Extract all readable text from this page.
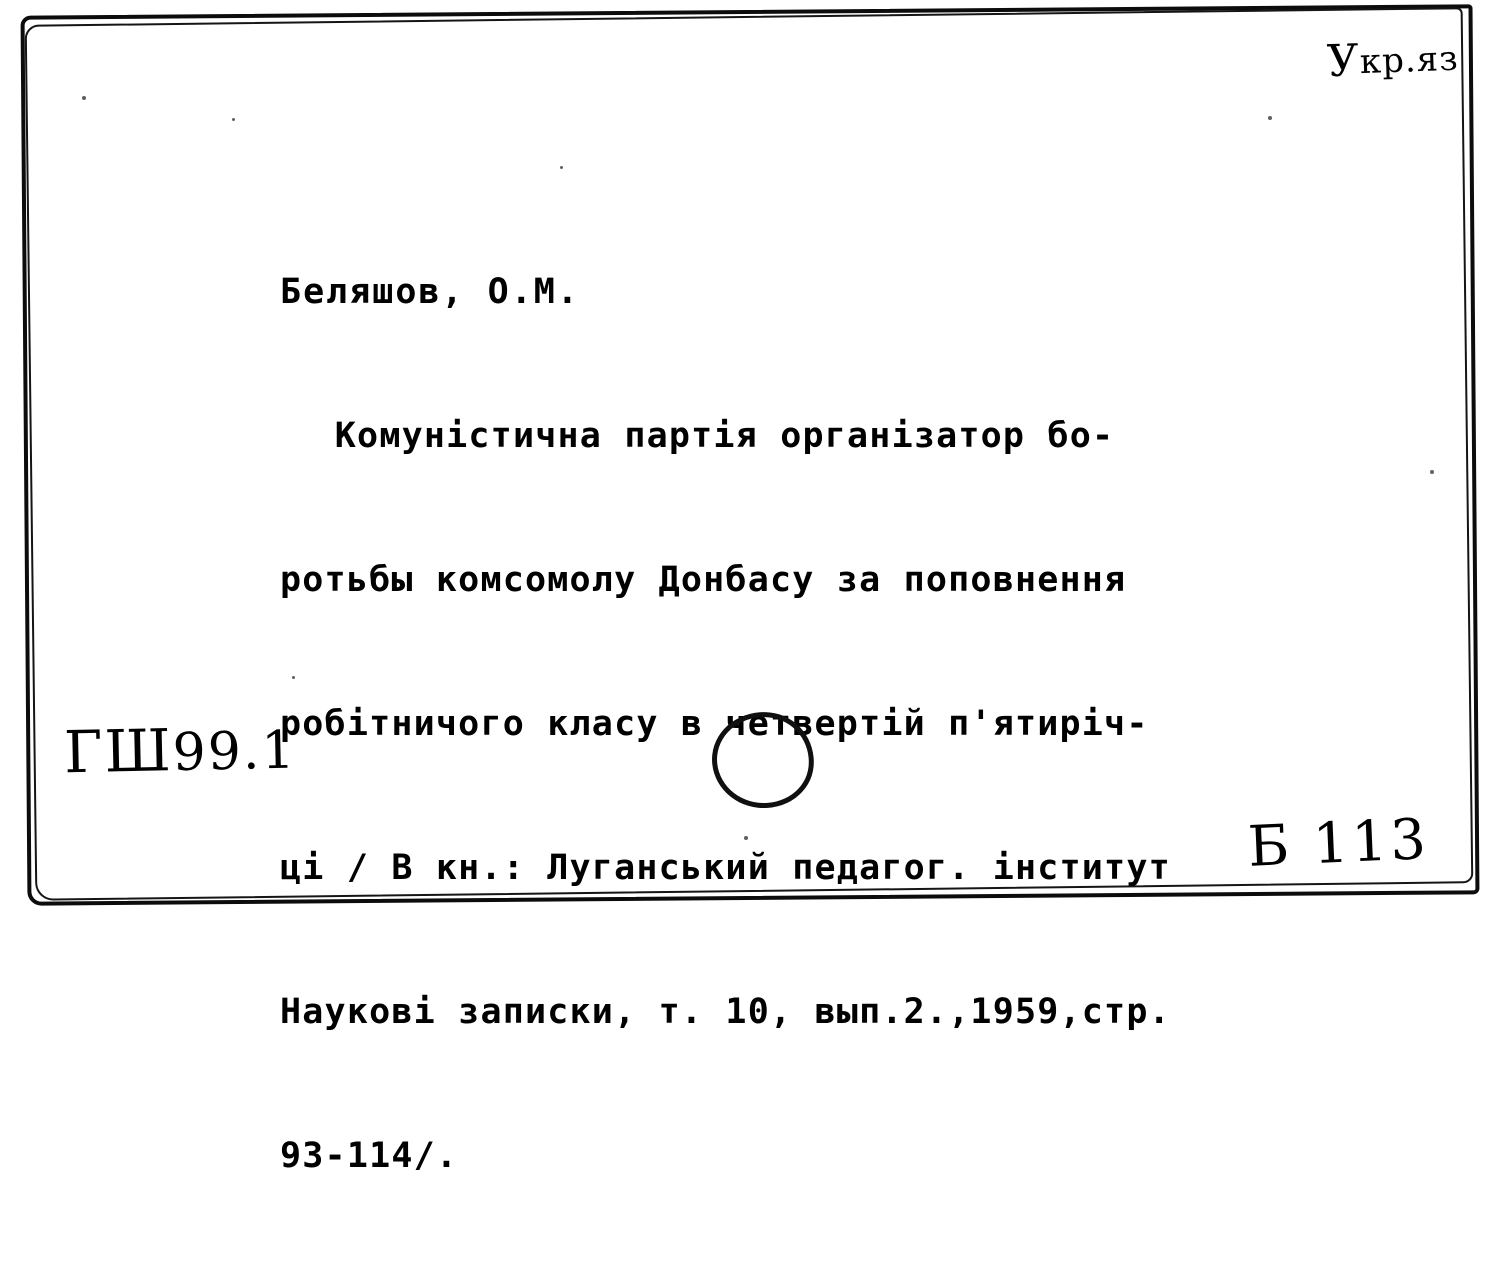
Укр.яз

Беляшов, О.М.

Комуністична партія організатор бо-

ротьбы комсомолу Донбасу за поповнення

робітничого класу в четвертій п'ятиріч-

ці / В кн.: Луганський педагог. інститут

Наукові записки, т. 10, вып.2.,1959,стр.

93-114/.

ГШ99.1
Б 113
